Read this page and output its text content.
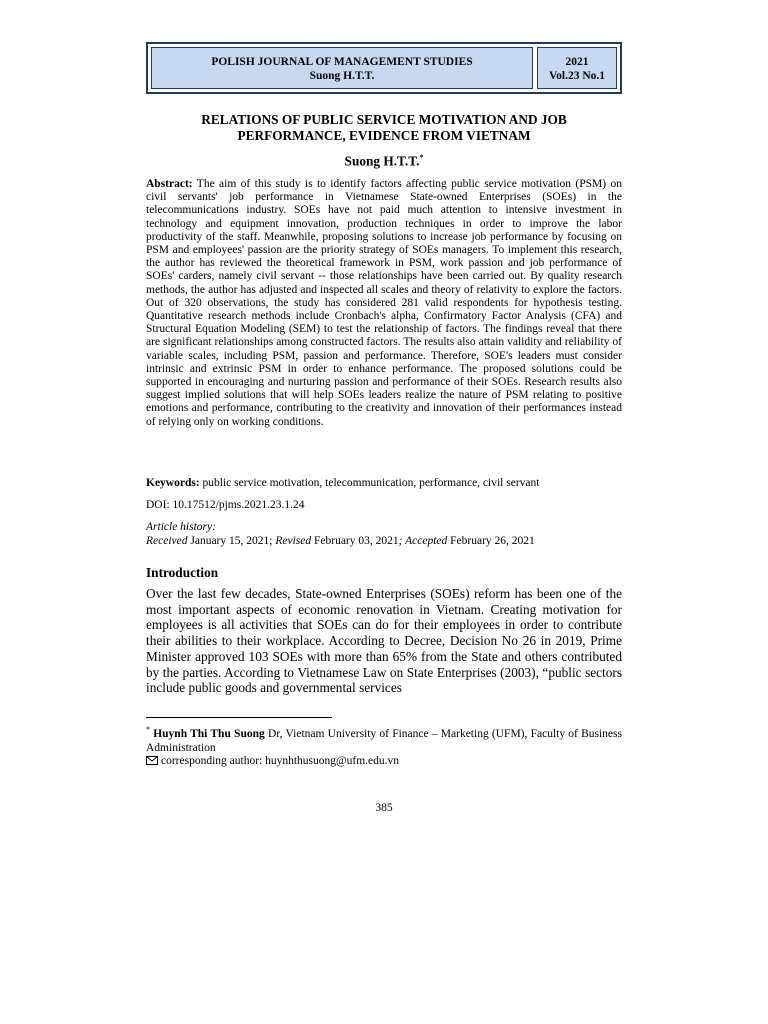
POLISH JOURNAL OF MANAGEMENT STUDIES
Suong H.T.T.
2021
Vol.23 No.1
RELATIONS OF PUBLIC SERVICE MOTIVATION AND JOB PERFORMANCE, EVIDENCE FROM VIETNAM
Suong H.T.T.*
Abstract: The aim of this study is to identify factors affecting public service motivation (PSM) on civil servants' job performance in Vietnamese State-owned Enterprises (SOEs) in the telecommunications industry. SOEs have not paid much attention to intensive investment in technology and equipment innovation, production techniques in order to improve the labor productivity of the staff. Meanwhile, proposing solutions to increase job performance by focusing on PSM and employees' passion are the priority strategy of SOEs managers. To implement this research, the author has reviewed the theoretical framework in PSM, work passion and job performance of SOEs' carders, namely civil servant -- those relationships have been carried out. By quality research methods, the author has adjusted and inspected all scales and theory of relativity to explore the factors. Out of 320 observations, the study has considered 281 valid respondents for hypothesis testing. Quantitative research methods include Cronbach's alpha, Confirmatory Factor Analysis (CFA) and Structural Equation Modeling (SEM) to test the relationship of factors. The findings reveal that there are significant relationships among constructed factors. The results also attain validity and reliability of variable scales, including PSM, passion and performance. Therefore, SOE's leaders must consider intrinsic and extrinsic PSM in order to enhance performance. The proposed solutions could be supported in encouraging and nurturing passion and performance of their SOEs. Research results also suggest implied solutions that will help SOEs leaders realize the nature of PSM relating to positive emotions and performance, contributing to the creativity and innovation of their performances instead of relying only on working conditions.
Keywords: public service motivation, telecommunication, performance, civil servant
DOI: 10.17512/pjms.2021.23.1.24
Article history:
Received January 15, 2021; Revised February 03, 2021; Accepted February 26, 2021
Introduction
Over the last few decades, State-owned Enterprises (SOEs) reform has been one of the most important aspects of economic renovation in Vietnam. Creating motivation for employees is all activities that SOEs can do for their employees in order to contribute their abilities to their workplace. According to Decree, Decision No 26 in 2019, Prime Minister approved 103 SOEs with more than 65% from the State and others contributed by the parties. According to Vietnamese Law on State Enterprises (2003), “public sectors include public goods and governmental services
* Huynh Thi Thu Suong Dr, Vietnam University of Finance – Marketing (UFM), Faculty of Business Administration
corresponding author: huynhthusuong@ufm.edu.vn
385
